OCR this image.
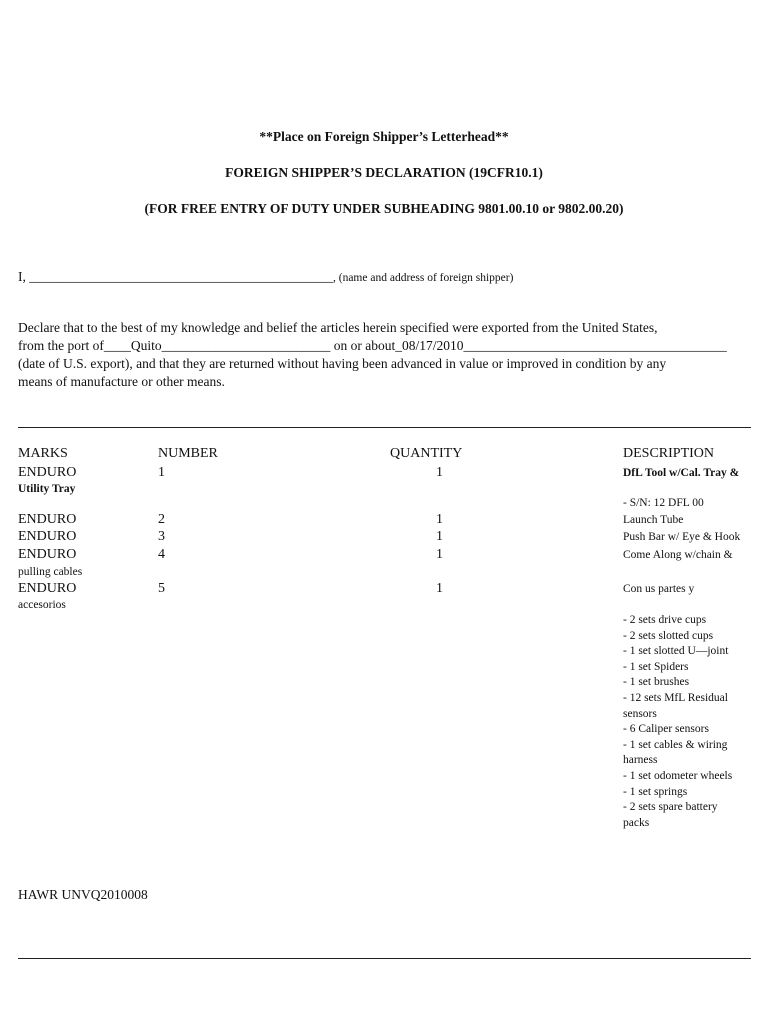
**Place on Foreign Shipper’s Letterhead**
FOREIGN SHIPPER’S DECLARATION (19CFR10.1)
(FOR FREE ENTRY OF DUTY UNDER SUBHEADING 9801.00.10 or 9802.00.20)
I, _____________________________________________, (name and address of foreign shipper)
Declare that to the best of my knowledge and belief the articles herein specified were exported from the United States,
from the port of____Quito_________________________ on or about_08/17/2010_______________________________________
(date of U.S. export), and that they are returned without having been advanced in value or improved in condition by any
means of manufacture or other means.
MARKS	NUMBER	QUANTITY	DESCRIPTION
ENDURO	1	1	DfL Tool w/Cal. Tray &
Utility Tray
- S/N: 12 DFL 00
ENDURO	2	1	Launch Tube
ENDURO	3	1	Push Bar w/ Eye & Hook
ENDURO	4	1	Come Along w/chain &
pulling cables
ENDURO	5	1	Con us partes y
accesorios
- 2 sets drive cups
- 2 sets slotted cups
- 1 set slotted U—joint
- 1 set Spiders
- 1 set brushes
- 12 sets MfL Residual
sensors
- 6 Caliper sensors
- 1 set cables & wiring
harness
- 1 set odometer wheels
- 1 set springs
- 2 sets spare battery
packs
HAWR UNVQ2010008
